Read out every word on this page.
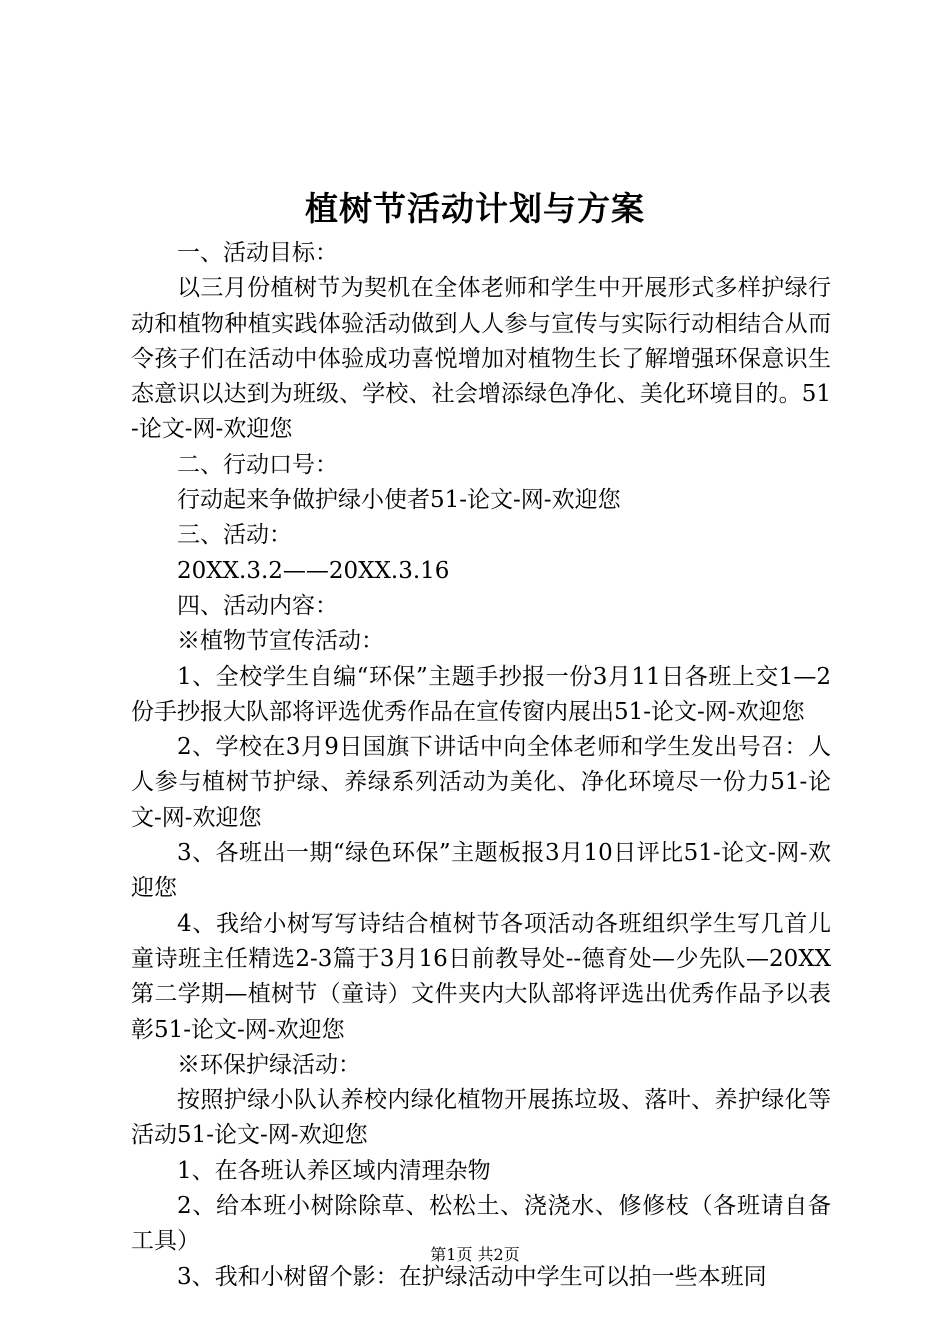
植树节活动计划与方案

一、活动目标：

以三月份植树节为契机在全体老师和学生中开展形式多样护绿行动和植物种植实践体验活动做到人人参与宣传与实际行动相结合从而令孩子们在活动中体验成功喜悦增加对植物生长了解增强环保意识生态意识以达到为班级、学校、社会增添绿色净化、美化环境目的。51-论文-网-欢迎您

二、行动口号：

行动起来争做护绿小使者51-论文-网-欢迎您

三、活动：

20XX.3.2——20XX.3.16

四、活动内容：

※植物节宣传活动：

1、全校学生自编“环保”主题手抄报一份3月11日各班上交1—2份手抄报大队部将评选优秀作品在宣传窗内展出51-论文-网-欢迎您

2、学校在3月9日国旗下讲话中向全体老师和学生发出号召：人人参与植树节护绿、养绿系列活动为美化、净化环境尽一份力51-论文-网-欢迎您

3、各班出一期“绿色环保”主题板报3月10日评比51-论文-网-欢迎您

4、我给小树写写诗结合植树节各项活动各班组织学生写几首儿童诗班主任精选2-3篇于3月16日前教导处--德育处—少先队—20XX第二学期—植树节（童诗）文件夹内大队部将评选出优秀作品予以表彰51-论文-网-欢迎您

※环保护绿活动：

按照护绿小队认养校内绿化植物开展拣垃圾、落叶、养护绿化等活动51-论文-网-欢迎您

1、在各班认养区域内清理杂物

2、给本班小树除除草、松松土、浇浇水、修修枝（各班请自备工具）

3、我和小树留个影：在护绿活动中学生可以拍一些本班同

第1页 共2页
